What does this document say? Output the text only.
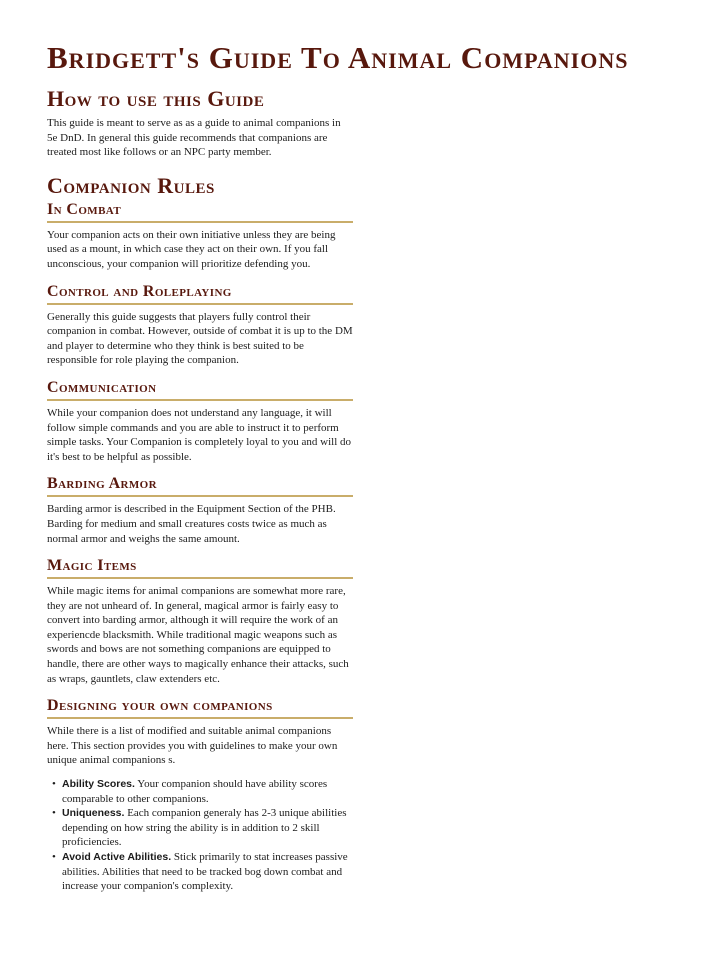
Bridgett's Guide To Animal Companions
How to use this Guide

This guide is meant to serve as as a guide to animal companions in 5e DnD. In general this guide recommends that companions are treated most like follows or an NPC party member.

Companion Rules
In Combat

Your companion acts on their own initiative unless they are being used as a mount, in which case they act on their own. If you fall unconscious, your companion will prioritize defending you.

Control and Roleplaying

Generally this guide suggests that players fully control their companion in combat. However, outside of combat it is up to the DM and player to determine who they think is best suited to be responsible for role playing the companion.

Communication

While your companion does not understand any language, it will follow simple commands and you are able to instruct it to perform simple tasks. Your Companion is completely loyal to you and will do it's best to be helpful as possible.

Barding Armor

Barding armor is described in the Equipment Section of the PHB. Barding for medium and small creatures costs twice as much as normal armor and weighs the same amount.

Magic Items

While magic items for animal companions are somewhat more rare, they are not unheard of. In general, magical armor is fairly easy to convert into barding armor, although it will require the work of an experiencde blacksmith. While traditional magic weapons such as swords and bows are not something companions are equipped to handle, there are other ways to magically enhance their attacks, such as wraps, gauntlets, claw extenders etc.

Designing your own companions

While there is a list of modified and suitable animal companions here. This section provides you with guidelines to make your own unique animal companions s.

• Ability Scores. Your companion should have ability scores comparable to other companions.
• Uniqueness. Each companion generaly has 2-3 unique abilities depending on how string the ability is in addition to 2 skill proficiencies.
• Avoid Active Abilities. Stick primarily to stat increases passive abilities. Abilities that need to be tracked bog down combat and increase your companion's complexity.
